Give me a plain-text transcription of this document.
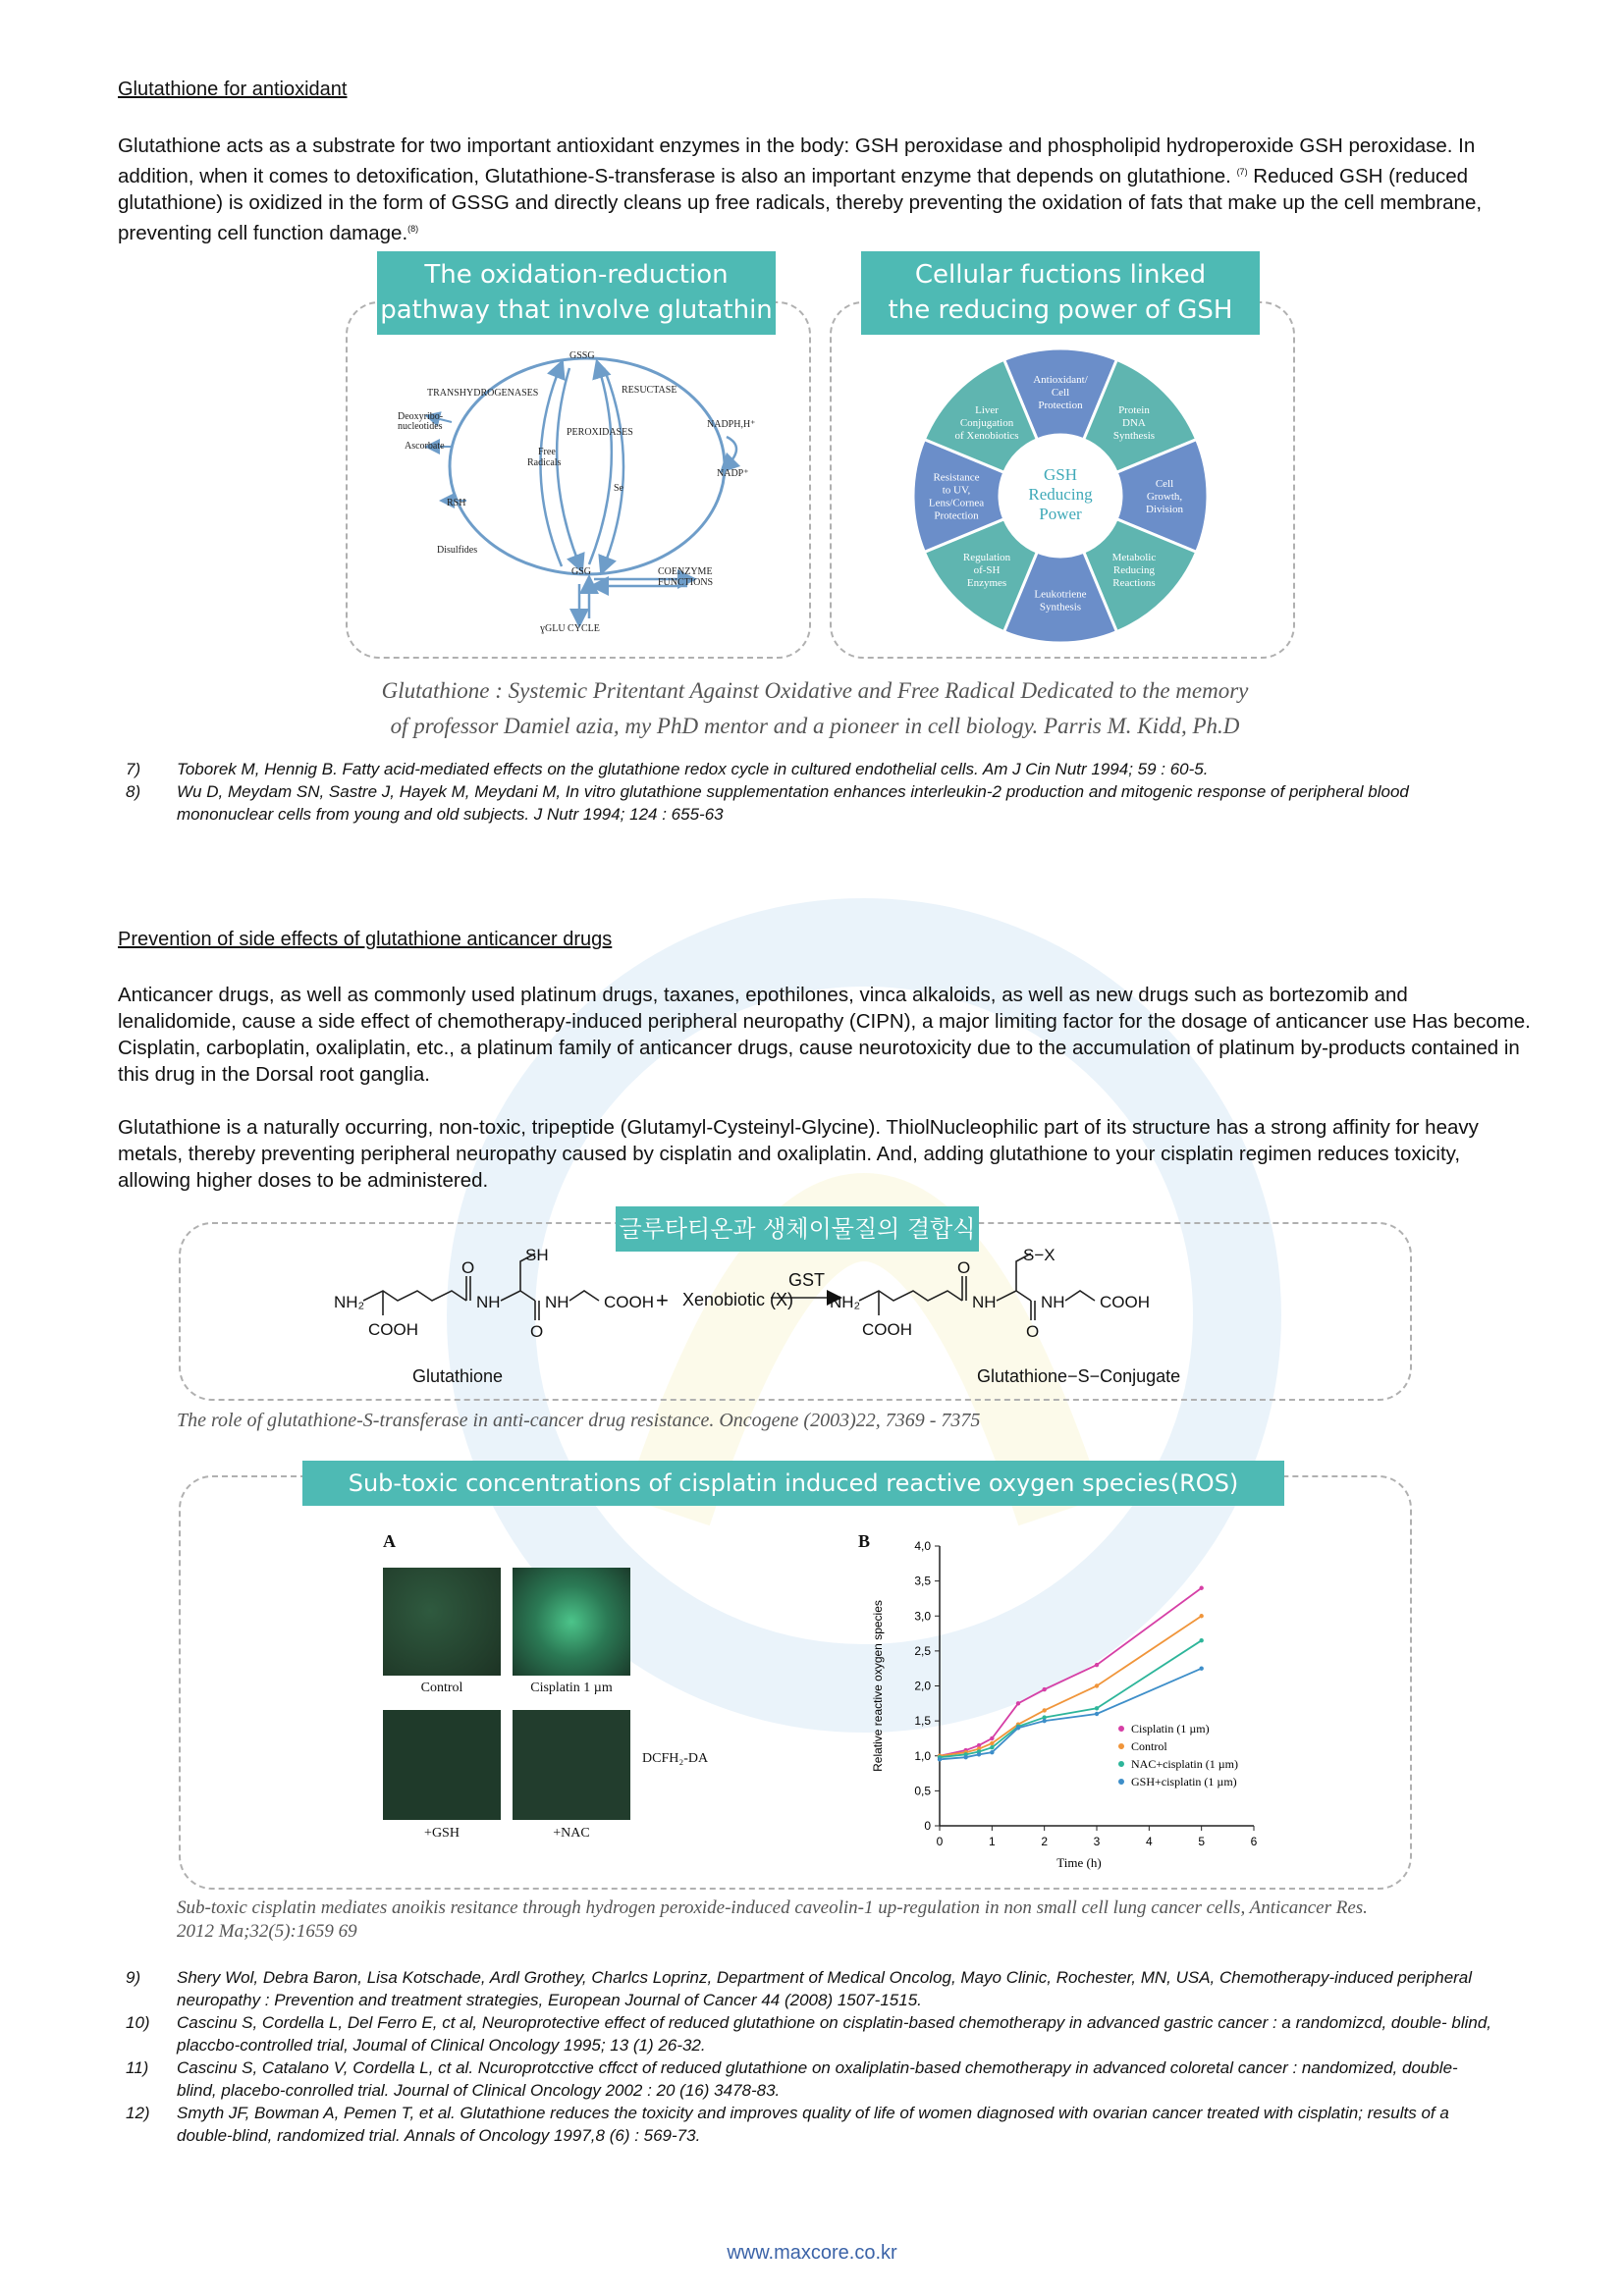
Glutathione for antioxidant

Glutathione acts as a substrate for two important antioxidant enzymes in the body: GSH peroxidase and phospholipid hydroperoxide GSH peroxidase. In addition, when it comes to detoxification, Glutathione-S-transferase is also an important enzyme that depends on glutathione. $^{(7)}$ Reduced GSH (reduced glutathione) is oxidized in the form of GSSG and directly cleans up free radicals, thereby preventing the oxidation of fats that make up the cell membrane, preventing cell function damage.$^{(8)}$

The oxidation-reduction
pathway that involve glutathin
Cellular fuctions linked
the reducing power of GSH
GSSG
TRANSHYDROGENASES	RESUCTASE
Deoxyribo-
nucleotides
Ascorbate
PEROXIDASES
Free
Radicals
NADPH,H⁺
NADP⁺
Se
RSH
Disulfides
GSG	COENZYME
FUNCTIONS
ɣGLU CYCLE
Antioxidant/
Cell
Protection	Protein
DNA
Synthesis
Cell
Growth,
Division
Metabolic
Reducing
Reactions
Leukotriene
Synthesis
Regulation
of-SH
Enzymes
Resistance
to UV,
Lens/Cornea
Protection
Liver
Conjugation
of Xenobiotics
GSH
Reducing
Power
Glutathione : Systemic Pritentant Against Oxidative and Free Radical Dedicated to the memory
of professor Damiel azia, my PhD mentor and a pioneer in cell biology. Parris M. Kidd, Ph.D
7)	Toborek M, Hennig B. Fatty acid-mediated effects on the glutathione redox cycle in cultured endothelial cells. Am J Cin Nutr 1994; 59 : 60-5.
8)	Wu D, Meydam SN, Sastre J, Hayek M, Meydani M, In vitro glutathione supplementation enhances interleukin-2 production and mitogenic response of peripheral blood mononuclear cells from young and old subjects. J Nutr 1994; 124 : 655-63
Prevention of side effects of glutathione anticancer drugs

Anticancer drugs, as well as commonly used platinum drugs, taxanes, epothilones, vinca alkaloids, as well as new drugs such as bortezomib and lenalidomide, cause a side effect of chemotherapy-induced peripheral neuropathy (CIPN), a major limiting factor for the dosage of anticancer use Has become. Cisplatin, carboplatin, oxaliplatin, etc., a platinum family of anticancer drugs, cause neurotoxicity due to the accumulation of platinum by-products contained in this drug in the Dorsal root ganglia.

Glutathione is a naturally occurring, non-toxic, tripeptide (Glutamyl-Cysteinyl-Glycine). ThiolNucleophilic part of its structure has a strong affinity for heavy metals, thereby preventing peripheral neuropathy caused by cisplatin and oxaliplatin. And, adding glutathione to your cisplatin regimen reduces toxicity, allowing higher doses to be administered.

글루타티온과 생체이물질의 결합식
NH₂
COOH
O
NH
SH
NH
O
COOH + Xenobiotic (X)
GST
NH₂
COOH
O
NH
S−X
NH
O
COOH
Glutathione	Glutathione−S−Conjugate
The role of glutathione-S-transferase in anti-cancer drug resistance. Oncogene (2003)22, 7369 - 7375
Sub-toxic concentrations of cisplatin induced reactive oxygen species(ROS) generation
A
Control	Cisplatin 1 µm
+GSH	+NAC
DCFH₂-DA
B
0
0,5
1,0
1,5
2,0
2,5
3,0
3,5
4,0
0	1	2	3	4	5	6
Time (h)
Relative reactive oxygen species	Cisplatin (1 µm)
Control
NAC+cisplatin (1 µm)
GSH+cisplatin (1 µm)
Sub-toxic cisplatin mediates anoikis resitance through hydrogen peroxide-induced caveolin-1 up-regulation in non small cell lung cancer cells, Anticancer Res.
2012 Ma;32(5):1659 69
9)	Shery Wol, Debra Baron, Lisa Kotschade, Ardl Grothey, Charlcs Loprinz, Department of Medical Oncolog, Mayo Clinic, Rochester, MN, USA, Chemotherapy-induced peripheral neuropathy : Prevention and treatment strategies, European Journal of Cancer 44 (2008) 1507-1515.
10)	Cascinu S, Cordella L, Del Ferro E, ct al, Neuroprotective effect of reduced glutathione on cisplatin-based chemotherapy in advanced gastric cancer : a randomizcd, double- blind, placcbo-controlled trial, Joumal of Clinical Oncology 1995; 13 (1) 26-32.
11)	Cascinu S, Catalano V, Cordella L, ct al. Ncuroprotcctive cffcct of reduced glutathione on oxaliplatin-based chemotherapy in advanced coloretal cancer : nandomized, double-blind, placebo-conrolled trial. Journal of Clinical Oncology 2002 : 20 (16) 3478-83.
12)	Smyth JF, Bowman A, Pemen T, et al. Glutathione reduces the toxicity and improves quality of life of women diagnosed with ovarian cancer treated with cisplatin; results of a double-blind, randomized trial. Annals of Oncology 1997,8 (6) : 569-73.
www.maxcore.co.kr
